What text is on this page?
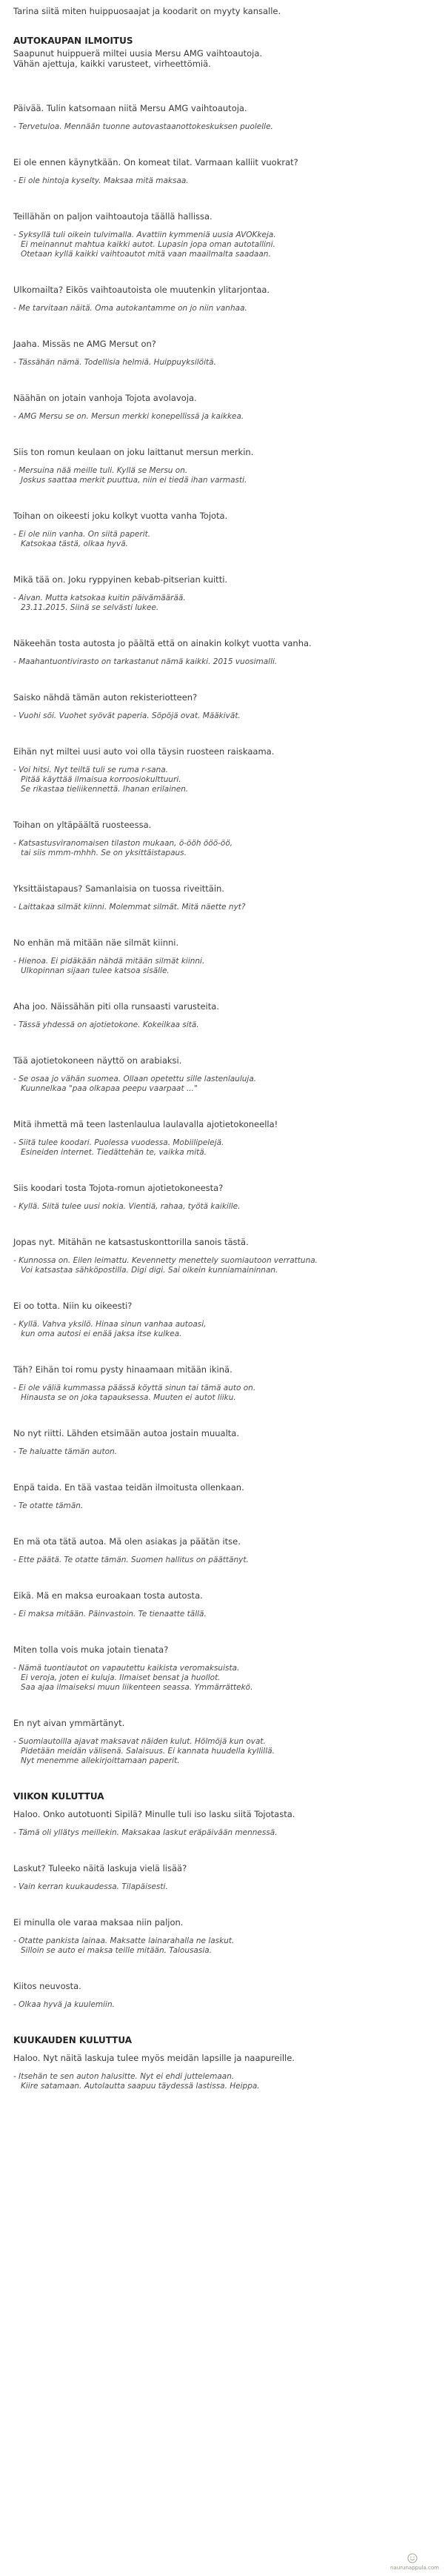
Tarina siitä miten huippuosaajat ja koodarit on myyty kansalle.

AUTOKAUPAN ILMOITUS

Saapunut huippuerä miltei uusia Mersu AMG vaihtoautoja.

Vähän ajettuja, kaikki varusteet, virheettömiä.

Päivää. Tulin katsomaan niitä Mersu AMG vaihtoautoja.

- Tervetuloa. Mennään tuonne autovastaanottokeskuksen puolelle.

Ei ole ennen käynytkään. On komeat tilat. Varmaan kalliit vuokrat?

- Ei ole hintoja kyselty. Maksaa mitä maksaa.

Teillähän on paljon vaihtoautoja täällä hallissa.

- Syksyllä tuli oikein tulvimalla. Avattiin kymmeniä uusia AVOKkeja.
Ei meinannut mahtua kaikki autot. Lupasin jopa oman autotallini.
Otetaan kyllä kaikki vaihtoautot mitä vaan maailmalta saadaan.

Ulkomailta? Eikös vaihtoautoista ole muutenkin ylitarjontaa.

- Me tarvitaan näitä. Oma autokantamme on jo niin vanhaa.

Jaaha. Missäs ne AMG Mersut on?

- Tässähän nämä. Todellisia helmiä. Huippuyksilöitä.

Näähän on jotain vanhoja Tojota avolavoja.

- AMG Mersu se on. Mersun merkki konepellissä ja kaikkea.

Siis ton romun keulaan on joku laittanut mersun merkin.

- Mersuina nää meille tuli. Kyllä se Mersu on.
Joskus saattaa merkit puuttua, niin ei tiedä ihan varmasti.

Toihan on oikeesti joku kolkyt vuotta vanha Tojota.

- Ei ole niin vanha. On siitä paperit.
Katsokaa tästä, olkaa hyvä.

Mikä tää on. Joku ryppyinen kebab-pitserian kuitti.

- Aivan. Mutta katsokaa kuitin päivämäärää.
23.11.2015. Siinä se selvästi lukee.

Näkeehän tosta autosta jo päältä että on ainakin kolkyt vuotta vanha.

- Maahantuontivirasto on tarkastanut nämä kaikki. 2015 vuosimalli.

Saisko nähdä tämän auton rekisteriotteen?

- Vuohi söi. Vuohet syövät paperia. Söpöjä ovat. Määkivät.

Eihän nyt miltei uusi auto voi olla täysin ruosteen raiskaama.

- Voi hitsi. Nyt teiltä tuli se ruma r-sana.
Pitää käyttää ilmaisua korroosiokulttuuri.
Se rikastaa tieliikennettä. Ihanan erilainen.

Toihan on yltäpäältä ruosteessa.

- Katsastusviranomaisen tilaston mukaan, ö-ööh ööö-öö,
tai siis mmm-mhhh. Se on yksittäistapaus.

Yksittäistapaus? Samanlaisia on tuossa riveittäin.

- Laittakaa silmät kiinni. Molemmat silmät. Mitä näette nyt?

No enhän mä mitään näe silmät kiinni.

- Hienoa. Ei pidäkään nähdä mitään silmät kiinni.
Ulkopinnan sijaan tulee katsoa sisälle.

Aha joo. Näissähän piti olla runsaasti varusteita.

- Tässä yhdessä on ajotietokone. Kokeilkaa sitä.

Tää ajotietokoneen näyttö on arabiaksi.

- Se osaa jo vähän suomea. Ollaan opetettu sille lastenlauluja.
Kuunnelkaa "paa olkapaa peepu vaarpaat ..."

Mitä ihmettä mä teen lastenlaulua laulavalla ajotietokoneella!

- Siitä tulee koodari. Puolessa vuodessa. Mobiilipelejä.
Esineiden internet. Tiedättehän te, vaikka mitä.

Siis koodari tosta Tojota-romun ajotietokoneesta?

- Kyllä. Siitä tulee uusi nokia. Vientiä, rahaa, työtä kaikille.

Jopas nyt. Mitähän ne katsastuskonttorilla sanois tästä.

- Kunnossa on. Eilen leimattu. Kevennetty menettely suomiautoon verrattuna.
Voi katsastaa sähköpostilla. Digi digi. Sai oikein kunniamaininnan.

Ei oo totta. Niin ku oikeesti?

- Kyllä. Vahva yksilö. Hinaa sinun vanhaa autoasi,
kun oma autosi ei enää jaksa itse kulkea.

Täh? Eihän toi romu pysty hinaamaan mitään ikinä.

- Ei ole väliä kummassa päässä köyttä sinun tai tämä auto on.
Hinausta se on joka tapauksessa. Muuten ei autot liiku.

No nyt riitti. Lähden etsimään autoa jostain muualta.

- Te haluatte tämän auton.

Enpä taida. En tää vastaa teidän ilmoitusta ollenkaan.

- Te otatte tämän.

En mä ota tätä autoa. Mä olen asiakas ja päätän itse.

- Ette päätä. Te otatte tämän. Suomen hallitus on päättänyt.

Eikä. Mä en maksa euroakaan tosta autosta.

- Ei maksa mitään. Päinvastoin. Te tienaatte tällä.

Miten tolla vois muka jotain tienata?

- Nämä tuontiautot on vapautettu kaikista veromaksuista.
Ei veroja, joten ei kuluja. Ilmaiset bensat ja huollot.
Saa ajaa ilmaiseksi muun liikenteen seassa. Ymmärrättekö.

En nyt aivan ymmärtänyt.

- Suomiautoilla ajavat maksavat näiden kulut. Hölmöjä kun ovat.
Pidetään meidän välisenä. Salaisuus. Ei kannata huudella kyllillä.
Nyt menemme allekirjoittamaan paperit.

VIIKON KULUTTUA

Haloo. Onko autotuonti Sipilä? Minulle tuli iso lasku siitä Tojotasta.

- Tämä oli yllätys meillekin. Maksakaa laskut eräpäivään mennessä.

Laskut? Tuleeko näitä laskuja vielä lisää?

- Vain kerran kuukaudessa. Tilapäisesti.

Ei minulla ole varaa maksaa niin paljon.

- Otatte pankista lainaa. Maksatte lainarahalla ne laskut.
Silloin se auto ei maksa teille mitään. Talousasia.

Kiitos neuvosta.

- Olkaa hyvä ja kuulemiin.

KUUKAUDEN KULUTTUA

Haloo. Nyt näitä laskuja tulee myös meidän lapsille ja naapureille.

- Itsehän te sen auton halusitte. Nyt ei ehdi juttelemaan.
Kiire satamaan. Autolautta saapuu täydessä lastissa. Heippa.

naurunappula.com
